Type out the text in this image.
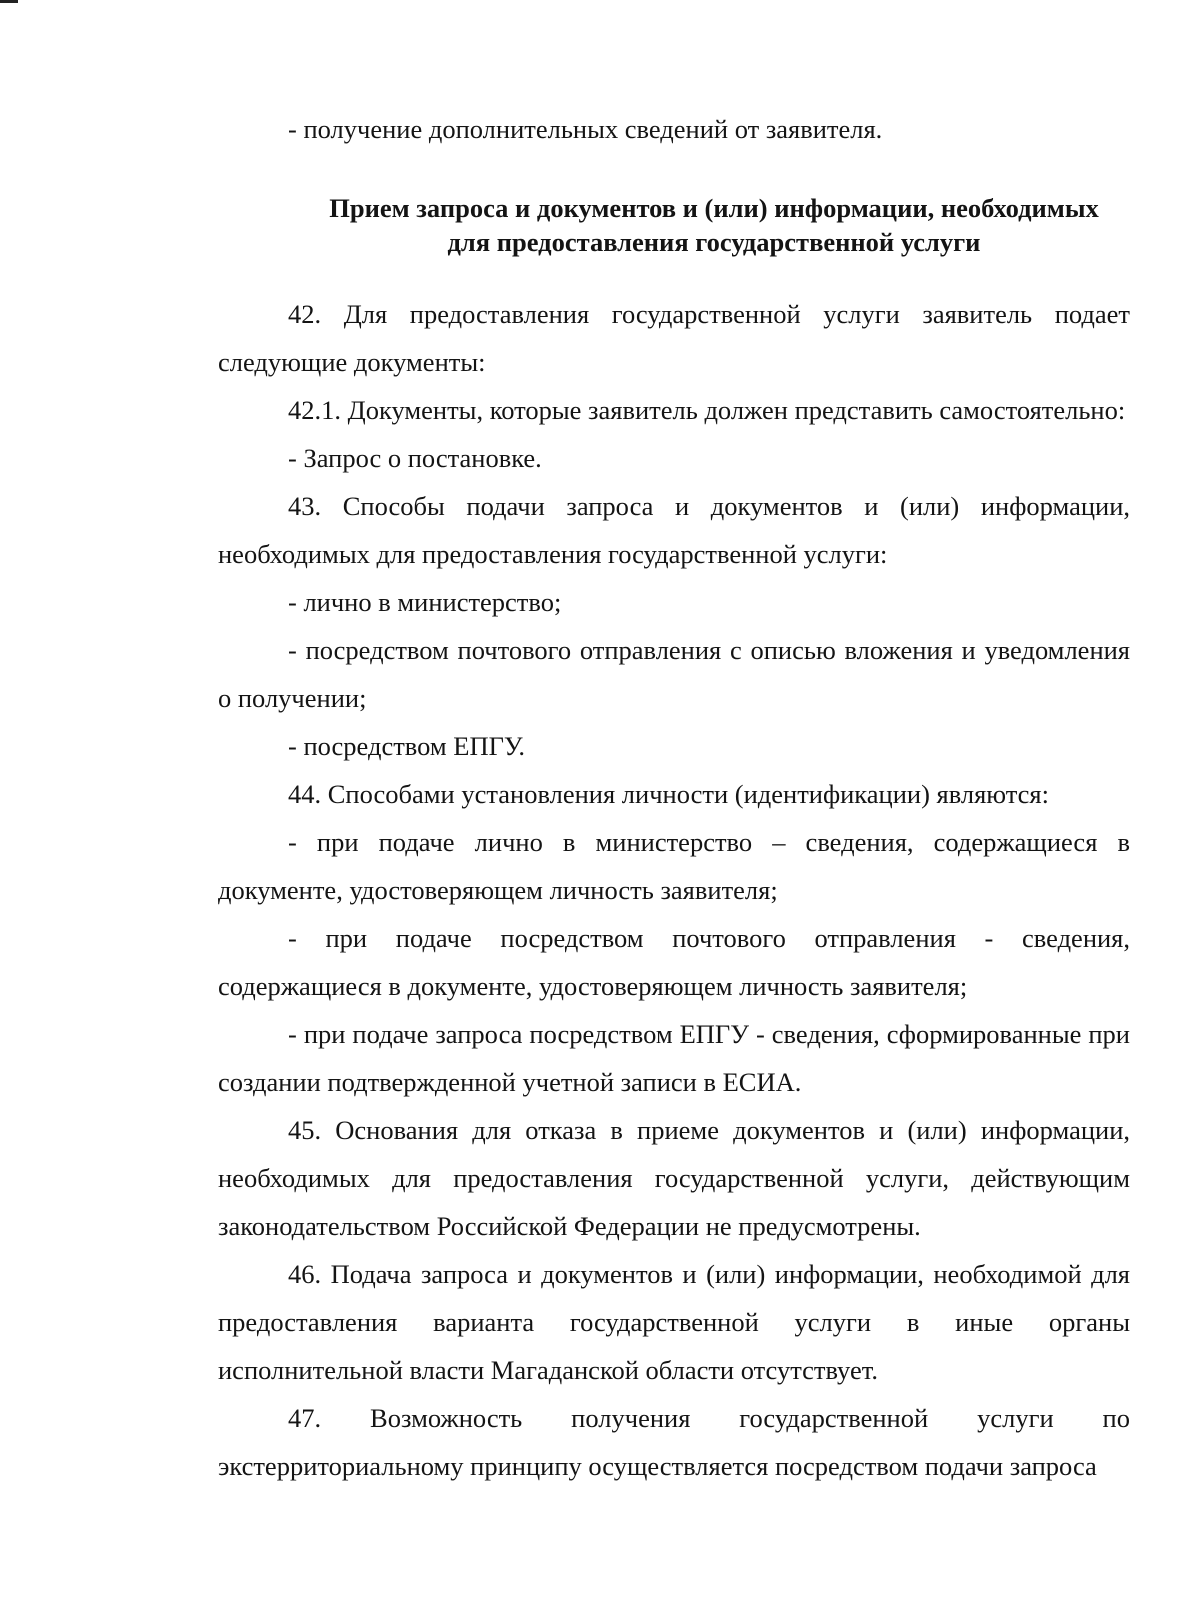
- получение дополнительных сведений от заявителя.

Прием запроса и документов и (или) информации, необходимых

для предоставления государственной услуги

42. Для предоставления государственной услуги заявитель подает следующие документы:

42.1. Документы, которые заявитель должен представить самостоятельно:

- Запрос о постановке.

43. Способы подачи запроса и документов и (или) информации, необходимых для предоставления государственной услуги:

- лично в министерство;

- посредством почтового отправления с описью вложения и уведомления о получении;

- посредством ЕПГУ.

44. Способами установления личности (идентификации) являются:

- при подаче лично в министерство – сведения, содержащиеся в документе, удостоверяющем личность заявителя;

- при подаче посредством почтового отправления - сведения, содержащиеся в документе, удостоверяющем личность заявителя;

- при подаче запроса посредством ЕПГУ - сведения, сформированные при создании подтвержденной учетной записи в ЕСИА.

45. Основания для отказа в приеме документов и (или) информации, необходимых для предоставления государственной услуги, действующим законодательством Российской Федерации не предусмотрены.

46. Подача запроса и документов и (или) информации, необходимой для предоставления варианта государственной услуги в иные органы исполнительной власти Магаданской области отсутствует.

47. Возможность получения государственной услуги по экстерриториальному принципу осуществляется посредством подачи запроса
